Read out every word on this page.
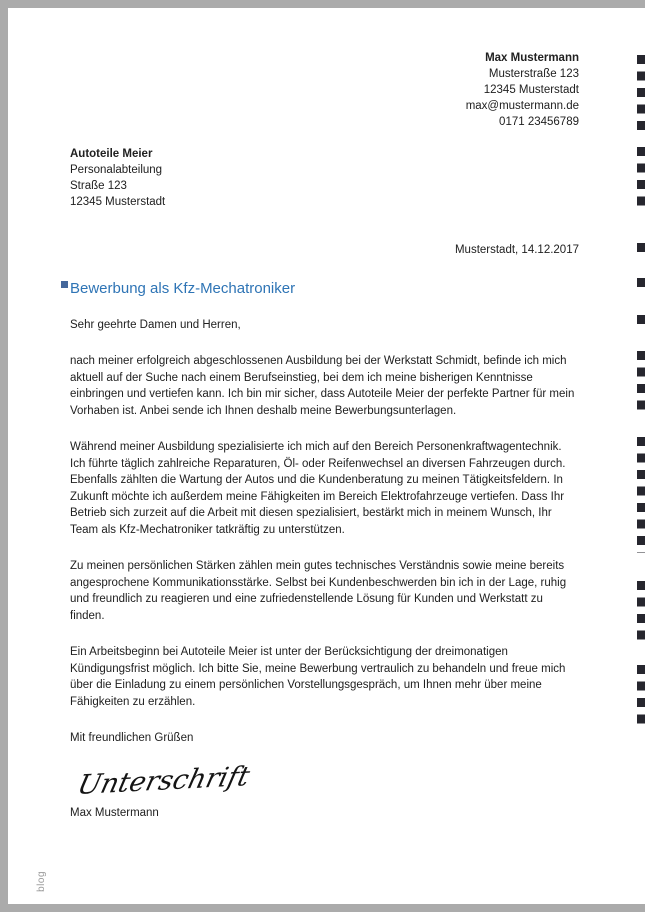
Max Mustermann
Musterstraße 123
12345 Musterstadt
max@mustermann.de
0171 23456789
Autoteile Meier
Personalabteilung
Straße 123
12345 Musterstadt
Musterstadt, 14.12.2017
Bewerbung als Kfz-Mechatroniker

Sehr geehrte Damen und Herren,

nach meiner erfolgreich abgeschlossenen Ausbildung bei der Werkstatt Schmidt, befinde ich mich aktuell auf der Suche nach einem Berufseinstieg, bei dem ich meine bisherigen Kenntnisse einbringen und vertiefen kann. Ich bin mir sicher, dass Autoteile Meier der perfekte Partner für mein Vorhaben ist. Anbei sende ich Ihnen deshalb meine Bewerbungsunterlagen.

Während meiner Ausbildung spezialisierte ich mich auf den Bereich Personenkraftwagentechnik. Ich führte täglich zahlreiche Reparaturen, Öl- oder Reifenwechsel an diversen Fahrzeugen durch. Ebenfalls zählten die Wartung der Autos und die Kundenberatung zu meinen Tätigkeitsfeldern. In Zukunft möchte ich außerdem meine Fähigkeiten im Bereich Elektrofahrzeuge vertiefen. Dass Ihr Betrieb sich zurzeit auf die Arbeit mit diesen spezialisiert, bestärkt mich in meinem Wunsch, Ihr Team als Kfz-Mechatroniker tatkräftig zu unterstützen.

Zu meinen persönlichen Stärken zählen mein gutes technisches Verständnis sowie meine bereits angesprochene Kommunikationsstärke. Selbst bei Kundenbeschwerden bin ich in der Lage, ruhig und freundlich zu reagieren und eine zufriedenstellende Lösung für Kunden und Werkstatt zu finden.

Ein Arbeitsbeginn bei Autoteile Meier ist unter der Berücksichtigung der dreimonatigen Kündigungsfrist möglich. Ich bitte Sie, meine Bewerbung vertraulich zu behandeln und freue mich über die Einladung zu einem persönlichen Vorstellungsgespräch, um Ihnen mehr über meine Fähigkeiten zu erzählen.

Mit freundlichen Grüßen

Unterschrift
Max Mustermann
blog
